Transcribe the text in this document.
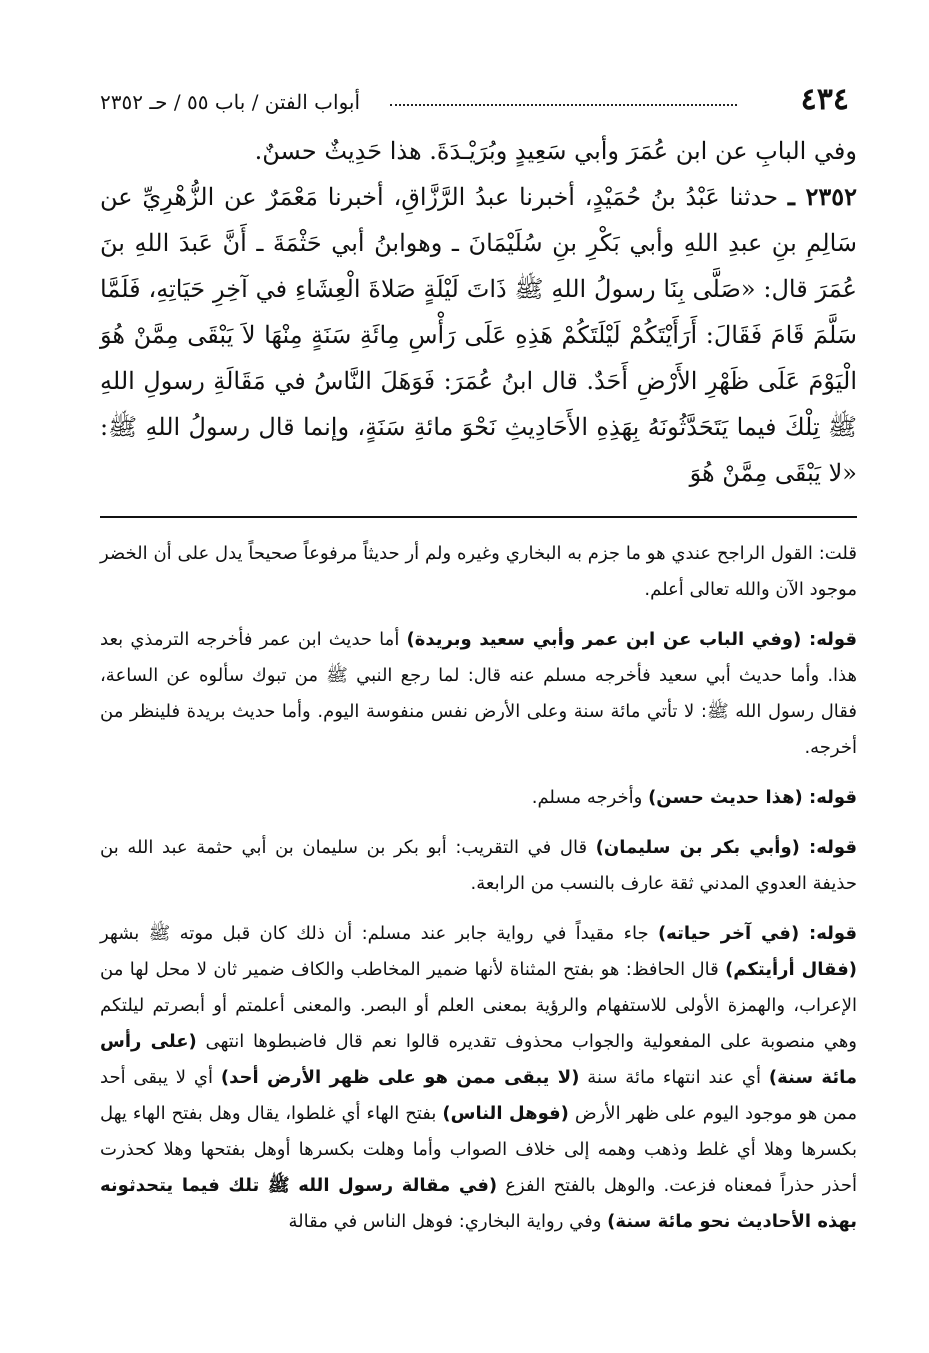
٤٣٤
أبواب الفتن / باب ٥٥ / حـ ٢٣٥٢

وفي البابِ عن ابن عُمَرَ وأبي سَعِيدٍ وبُرَيْـدَةَ. هذا حَدِيثٌ حسنٌ.

٢٣٥٢ ـ حدثنا عَبْدُ بنُ حُمَيْدٍ، أخبرنا عبدُ الرَّزَّاقِ، أخبرنا مَعْمَرٌ عن الزُّهْرِيِّ عن سَالِمِ بنِ عبدِ اللهِ وأبي بَكْرِ بنِ سُلَيْمَانَ ـ وهوابنُ أبي حَثْمَةَ ـ أَنَّ عَبدَ اللهِ بنَ عُمَرَ قال: «صَلَّى بِنَا رسولُ اللهِ ﷺ ذَاتَ لَيْلَةٍ صَلاةَ الْعِشَاءِ في آخِرِ حَيَاتِهِ، فَلَمَّا سَلَّمَ قَامَ فَقَالَ: أَرَأَيْتَكُمْ لَيْلَتَكُمْ هَذِهِ عَلَى رَأْسِ مِائَةِ سَنَةٍ مِنْهَا لاَ يَبْقَى مِمَّنْ هُوَ الْيَوْمَ عَلَى ظَهْرِ الأَرْضِ أَحَدٌ. قال ابنُ عُمَرَ: فَوَهَلَ النَّاسُ في مَقَالَةِ رسولِ اللهِ ﷺ تِلْكَ فيما يَتَحَدَّثُونَهُ بِهَذِهِ الأَحَادِيثِ نَحْوَ مائةِ سَنَةٍ، وإنما قال رسولُ اللهِ ﷺ: «لا يَبْقَى مِمَّنْ هُوَ

قلت: القول الراجح عندي هو ما جزم به البخاري وغيره ولم أر حديثاً مرفوعاً صحيحاً يدل على أن الخضر موجود الآن والله تعالى أعلم.

قوله: (وفي الباب عن ابن عمر وأبي سعيد وبريدة) أما حديث ابن عمر فأخرجه الترمذي بعد هذا. وأما حديث أبي سعيد فأخرجه مسلم عنه قال: لما رجع النبي ﷺ من تبوك سألوه عن الساعة، فقال رسول الله ﷺ: لا تأتي مائة سنة وعلى الأرض نفس منفوسة اليوم. وأما حديث بريدة فلينظر من أخرجه.

قوله: (هذا حديث حسن) وأخرجه مسلم.

قوله: (وأبي بكر بن سليمان) قال في التقريب: أبو بكر بن سليمان بن أبي حثمة عبد الله بن حذيفة العدوي المدني ثقة عارف بالنسب من الرابعة.

قوله: (في آخر حياته) جاء مقيداً في رواية جابر عند مسلم: أن ذلك كان قبل موته ﷺ بشهر (فقال أرأيتكم) قال الحافظ: هو بفتح المثناة لأنها ضمير المخاطب والكاف ضمير ثان لا محل لها من الإعراب، والهمزة الأولى للاستفهام والرؤية بمعنى العلم أو البصر. والمعنى أعلمتم أو أبصرتم ليلتكم وهي منصوبة على المفعولية والجواب محذوف تقديره قالوا نعم قال فاضبطوها انتهى (على رأس مائة سنة) أي عند انتهاء مائة سنة (لا يبقى ممن هو على ظهر الأرض أحد) أي لا يبقى أحد ممن هو موجود اليوم على ظهر الأرض (فوهل الناس) بفتح الهاء أي غلطوا، يقال وهل بفتح الهاء يهل بكسرها وهلا أي غلط وذهب وهمه إلى خلاف الصواب وأما وهلت بكسرها أوهل بفتحها وهلا كحذرت أحذر حذراً فمعناه فزعت. والوهل بالفتح الفزع (في مقالة رسول الله ﷺ تلك فيما يتحدثونه بهذه الأحاديث نحو مائة سنة) وفي رواية البخاري: فوهل الناس في مقالة
